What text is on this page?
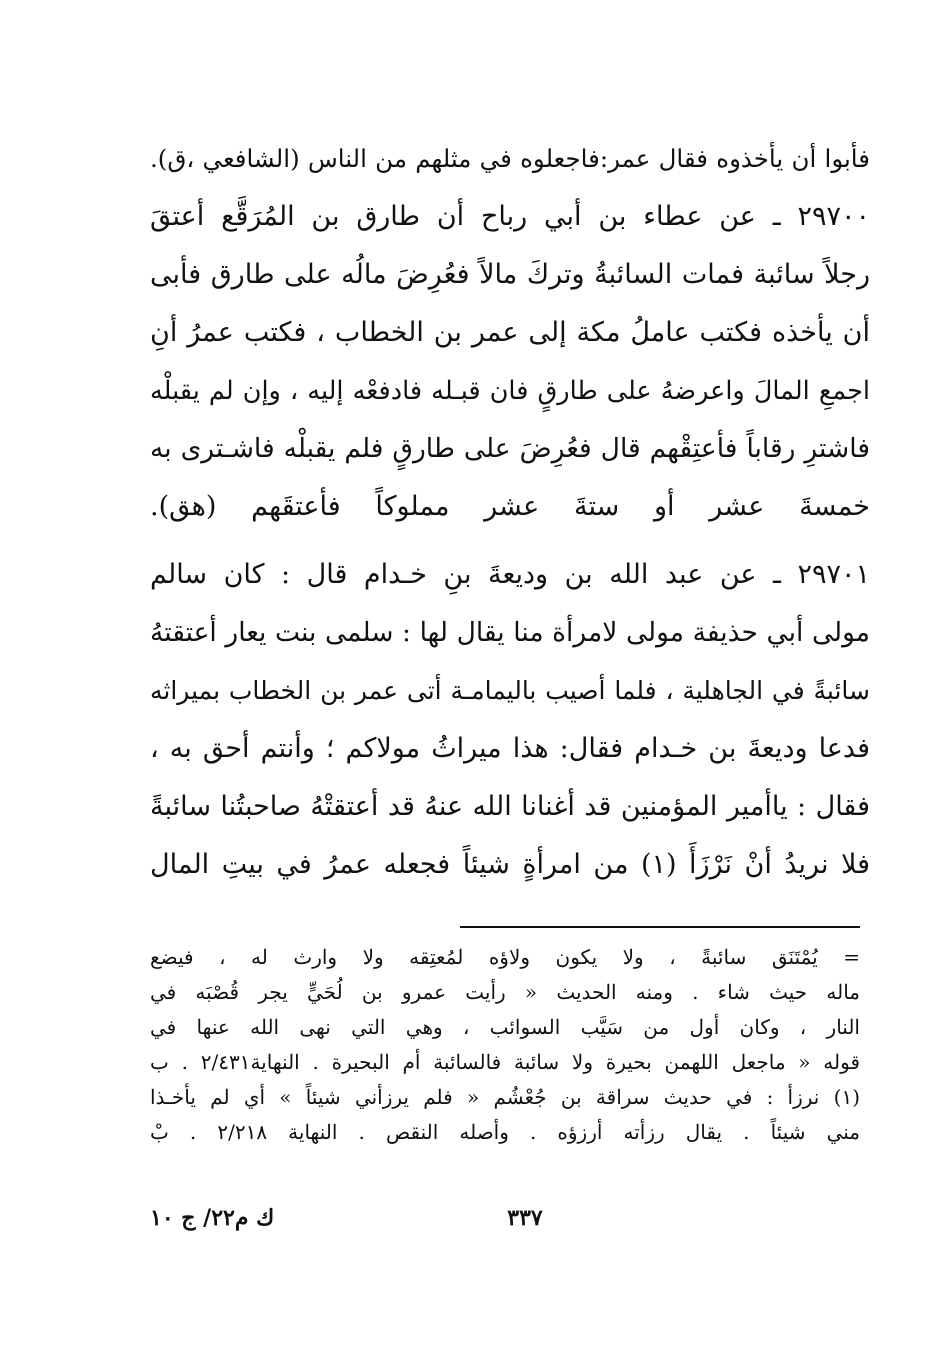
فأبوا أن يأخذوه فقال عمر:فاجعلوه في مثلهم من الناس (الشافعي ،ق).
٢٩٧٠٠ ـ عن عطاء بن أبي رباح أن طارق بن المُرَقَّع أعتقَ
رجلاً سائبة فمات السائبةُ وتركَ مالاً فعُرِضَ مالُه على طارق فأبى
أن يأخذه فكتب عاملُ مكة إلى عمر بن الخطاب ، فكتب عمرُ أنِ
اجمعِ المالَ واعرضهُ على طارقٍ فان قبـله فادفعْه إليه ، وإن لم يقبلْه
فاشترِ رقاباً فأعتِقْهم قال فعُرِضَ على طارقٍ فلم يقبلْه فاشـترى به
خمسةَ عشر أو ستةَ عشر مملوكاً فأعتقَهم (هق).
٢٩٧٠١ ـ عن عبد الله بن وديعةَ بنِ خـدام قال : كان سالم
مولى أبي حذيفة مولى لامرأة منا يقال لها : سلمى بنت يعار أعتقتهُ
سائبةً في الجاهلية ، فلما أصيب باليمامـة أتى عمر بن الخطاب بميراثه
فدعا وديعةَ بن خـدام فقال: هذا ميراثُ مولاكم ؛ وأنتم أحق به ،
فقال : ياأمير المؤمنين قد أغنانا الله عنهُ قد أعتقتْهُ صاحبتُنا سائبةً
فلا نريدُ أنْ نَرْزَأَ (١) من امرأةٍ شيئاً فجعله عمرُ في بيتِ المال
= يُمْتَنَق سائبةً ، ولا يكون ولاؤه لمُعتِقه ولا وارث له ، فيضع
ماله حيث شاء . ومنه الحديث « رأيت عمرو بن لُحَيٍّ يجر قُصْبَه في
النار ، وكان أول من سَيَّب السوائب ، وهي التي نهى الله عنها في
قوله « ماجعل اللهمن بحيرة ولا سائبة فالسائبة أم البحيرة . النهاية٢/٤٣١ . ب
(١) نرزأ : في حديث سراقة بن جُعْشُم « فلم يرزأني شيئاً » أي لم يأخـذا
مني شيئاً . يقال رزأته أرزؤه . وأصله النقص . النهاية ٢/٢١٨ . بْ
٣٣٧
ك م٢٢/ ج ١٠
